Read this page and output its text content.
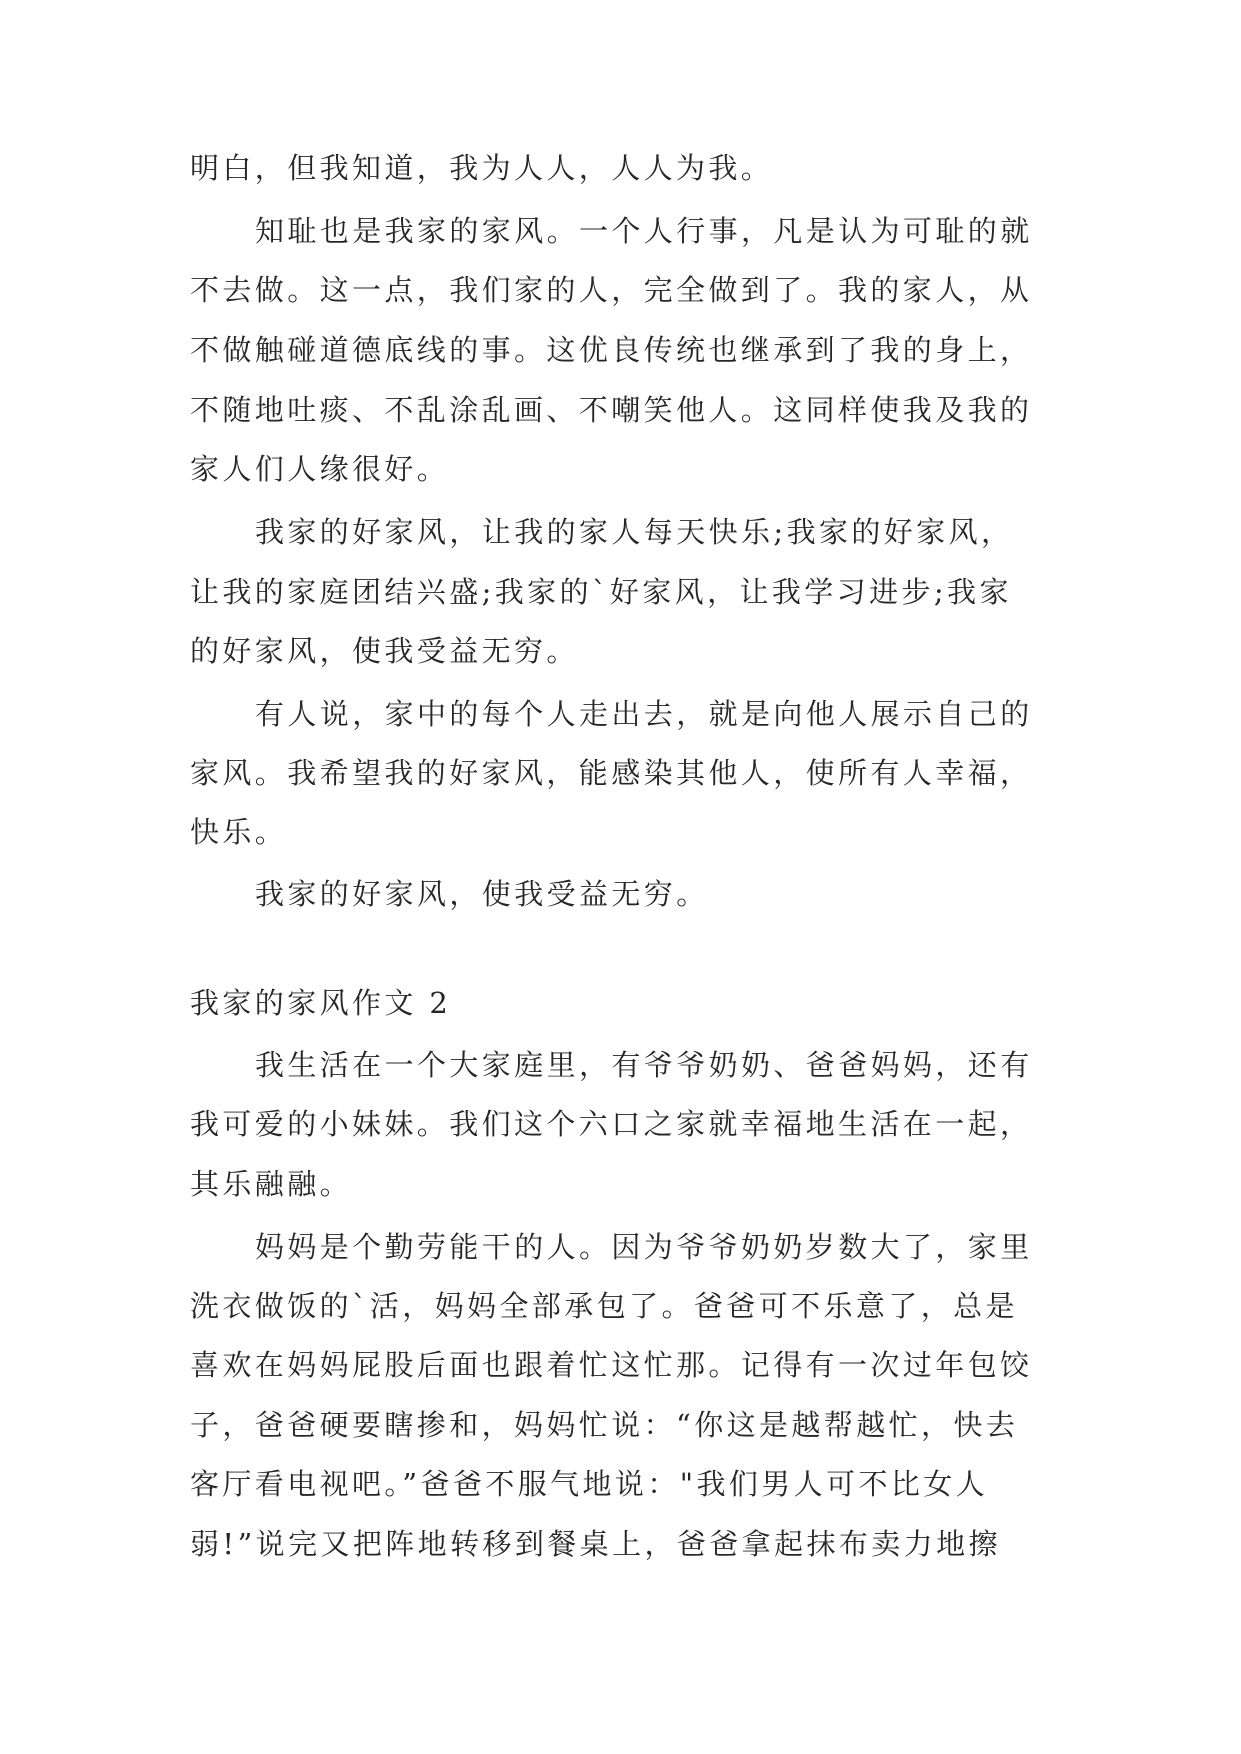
明白，但我知道，我为人人，人人为我。
知耻也是我家的家风。一个人行事，凡是认为可耻的就
不去做。这一点，我们家的人，完全做到了。我的家人，从
不做触碰道德底线的事。这优良传统也继承到了我的身上，
不随地吐痰、不乱涂乱画、不嘲笑他人。这同样使我及我的
家人们人缘很好。
我家的好家风，让我的家人每天快乐;我家的好家风，
让我的家庭团结兴盛;我家的`好家风，让我学习进步;我家
的好家风，使我受益无穷。
有人说，家中的每个人走出去，就是向他人展示自己的
家风。我希望我的好家风，能感染其他人，使所有人幸福，
快乐。
我家的好家风，使我受益无穷。
我家的家风作文 2
我生活在一个大家庭里，有爷爷奶奶、爸爸妈妈，还有
我可爱的小妹妹。我们这个六口之家就幸福地生活在一起，
其乐融融。
妈妈是个勤劳能干的人。因为爷爷奶奶岁数大了，家里
洗衣做饭的`活，妈妈全部承包了。爸爸可不乐意了，总是
喜欢在妈妈屁股后面也跟着忙这忙那。记得有一次过年包饺
子，爸爸硬要瞎掺和，妈妈忙说：“你这是越帮越忙，快去
客厅看电视吧。”爸爸不服气地说："我们男人可不比女人
弱!”说完又把阵地转移到餐桌上，爸爸拿起抹布卖力地擦
